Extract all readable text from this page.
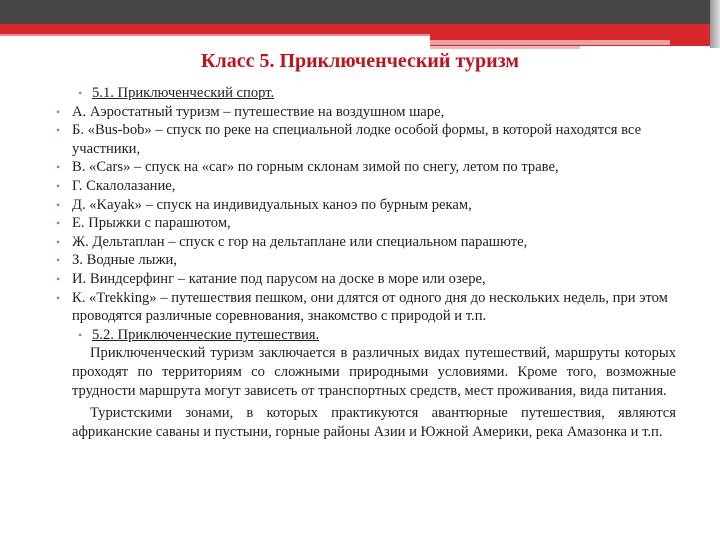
Класс 5. Приключенческий туризм
• 5.1. Приключенческий спорт.
• А. Аэростатный туризм – путешествие на воздушном шаре,
• Б. «Bus-bob» – спуск по реке на специальной лодке особой формы, в которой находятся все участники,
• В. «Cars» – спуск на «car» по горным склонам зимой по снегу, летом по траве,
• Г. Скалолазание,
• Д. «Kayak» – спуск на индивидуальных каноэ по бурным рекам,
• Е. Прыжки с парашютом,
• Ж. Дельтаплан – спуск с гор на дельтаплане или специальном парашюте,
• З. Водные лыжи,
• И. Виндсерфинг – катание под парусом на доске в море или озере,
• К. «Trekking» – путешествия пешком, они длятся от одного дня до нескольких недель, при этом проводятся различные соревнования, знакомство с природой и т.п.
• 5.2. Приключенческие путешествия.

Приключенческий туризм заключается в различных видах путешествий, маршруты которых проходят по территориям со сложными природными условиями. Кроме того, возможные трудности маршрута могут зависеть от транспортных средств, мест проживания, вида питания.

Туристскими зонами, в которых практикуются авантюрные путешествия, являются африканские саваны и пустыни, горные районы Азии и Южной Америки, река Амазонка и т.п.
